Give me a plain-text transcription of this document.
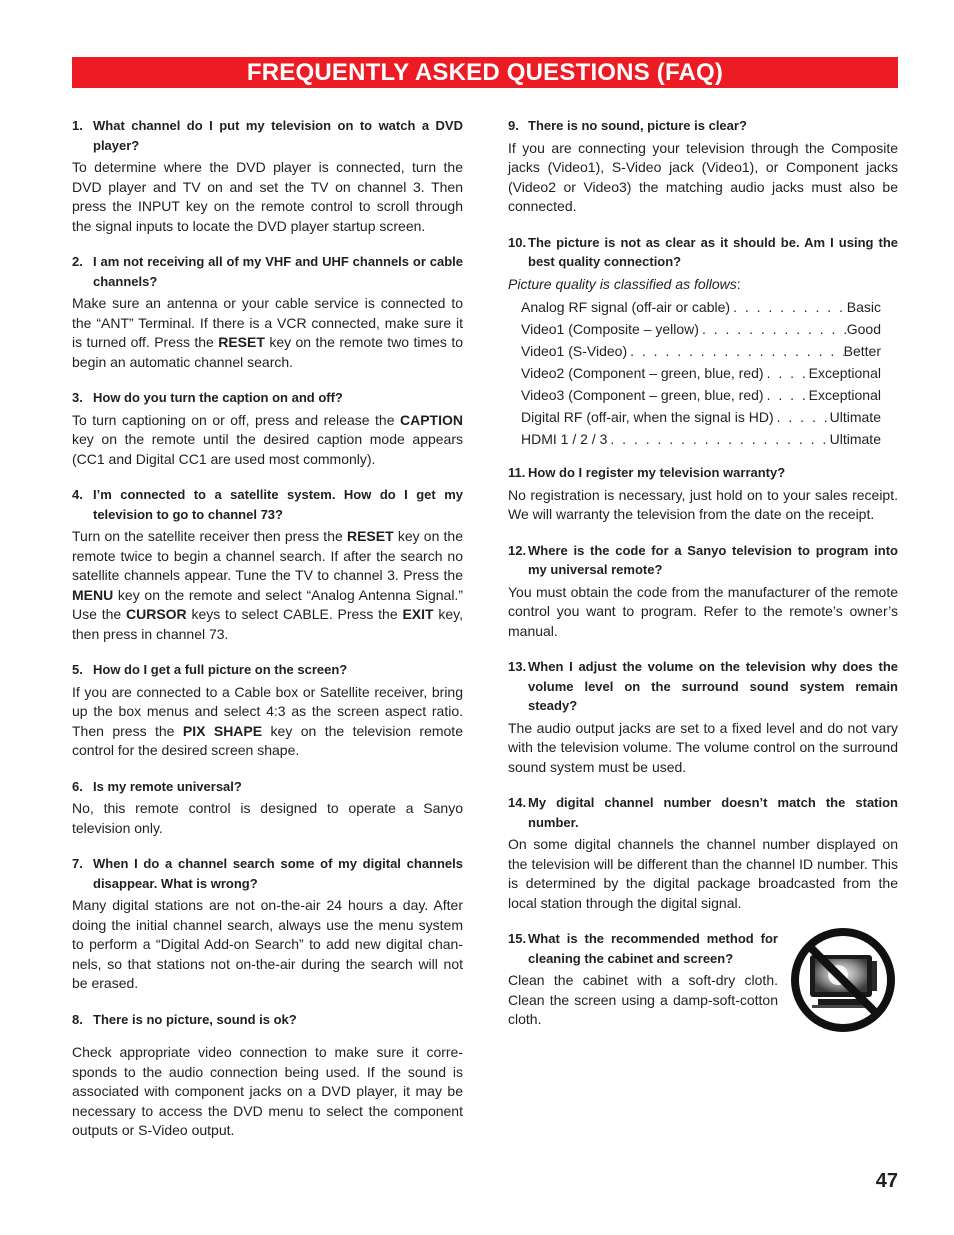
FREQUENTLY ASKED QUESTIONS (FAQ)
1. What channel do I put my television on to watch a DVD player?
To determine where the DVD player is connected, turn the DVD player and TV on and set the TV on channel 3. Then press the INPUT key on the remote control to scroll through the signal inputs to locate the DVD player startup screen.
2. I am not receiving all of my VHF and UHF channels or cable channels?
Make sure an antenna or your cable service is connected to the “ANT” Terminal. If there is a VCR connected, make sure it is turned off. Press the RESET key on the remote two times to begin an automatic channel search.
3. How do you turn the caption on and off?
To turn captioning on or off, press and release the CAPTION key on the remote until the desired caption mode appears (CC1 and Digital CC1 are used most commonly).
4. I’m connected to a satellite system. How do I get my television to go to channel 73?
Turn on the satellite receiver then press the RESET key on the remote twice to begin a channel search. If after the search no satellite channels appear. Tune the TV to channel 3. Press the MENU key on the remote and select “Analog Antenna Signal.” Use the CURSOR keys to select CABLE. Press the EXIT key, then press in channel 73.
5. How do I get a full picture on the screen?
If you are connected to a Cable box or Satellite receiver, bring up the box menus and select 4:3 as the screen aspect ratio. Then press the PIX SHAPE key on the television remote control for the desired screen shape.
6. Is my remote universal?
No, this remote control is designed to operate a Sanyo television only.
7. When I do a channel search some of my digital channels disappear. What is wrong?
Many digital stations are not on-the-air 24 hours a day. After doing the initial channel search, always use the menu system to perform a “Digital Add-on Search” to add new digital chan-nels, so that stations not on-the-air during the search will not be erased.
8. There is no picture, sound is ok?
Check appropriate video connection to make sure it corre-sponds to the audio connection being used. If the sound is associated with component jacks on a DVD player, it may be necessary to access the DVD menu to select the component outputs or S-Video output.
9. There is no sound, picture is clear?
If you are connecting your television through the Composite jacks (Video1), S-Video jack (Video1), or Component jacks (Video2 or Video3) the matching audio jacks must also be connected.
10. The picture is not as clear as it should be. Am I using the best quality connection?
Picture quality is classified as follows:
Analog RF signal (off-air or cable) . . .	Basic
Video1 (Composite – yellow) . . .	Good
Video1 (S-Video) . . .	Better
Video2 (Component – green, blue, red) . . .	Exceptional
Video3 (Component – green, blue, red) . . .	Exceptional
Digital RF (off-air, when the signal is HD) . . .	Ultimate
HDMI 1 / 2 / 3 . . .	Ultimate
11. How do I register my television warranty?
No registration is necessary, just hold on to your sales receipt. We will warranty the television from the date on the receipt.
12. Where is the code for a Sanyo television to program into my universal remote?
You must obtain the code from the manufacturer of the remote control you want to program. Refer to the remote’s owner’s manual.
13. When I adjust the volume on the television why does the volume level on the surround sound system remain steady?
The audio output jacks are set to a fixed level and do not vary with the television volume. The volume control on the surround sound system must be used.
14. My digital channel number doesn’t match the station number.
On some digital channels the channel number displayed on the television will be different than the channel ID number. This is determined by the digital package broadcasted from the local station through the digital signal.
15. What is the recommended method for cleaning the cabinet and screen?
Clean the cabinet with a soft-dry cloth. Clean the screen using a damp-soft-cotton cloth.
47
